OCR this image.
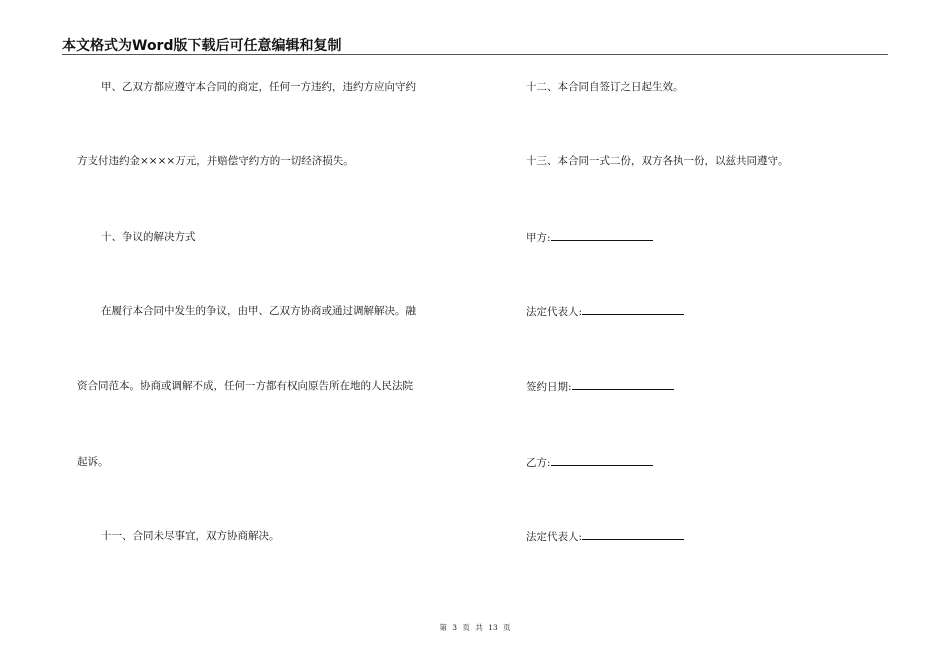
本文格式为Word版下载后可任意编辑和复制
甲、乙双方都应遵守本合同的商定，任何一方违约，违约方应向守约
方支付违约金××××万元，并赔偿守约方的一切经济损失。
十、争议的解决方式
在履行本合同中发生的争议，由甲、乙双方协商或通过调解解决。融
资合同范本。协商或调解不成，任何一方都有权向原告所在地的人民法院
起诉。
十一、合同未尽事宜，双方协商解决。
十二、本合同自签订之日起生效。
十三、本合同一式二份，双方各执一份，以兹共同遵守。
甲方:
法定代表人:
签约日期:
乙方:
法定代表人:
第 3 页 共 13 页
